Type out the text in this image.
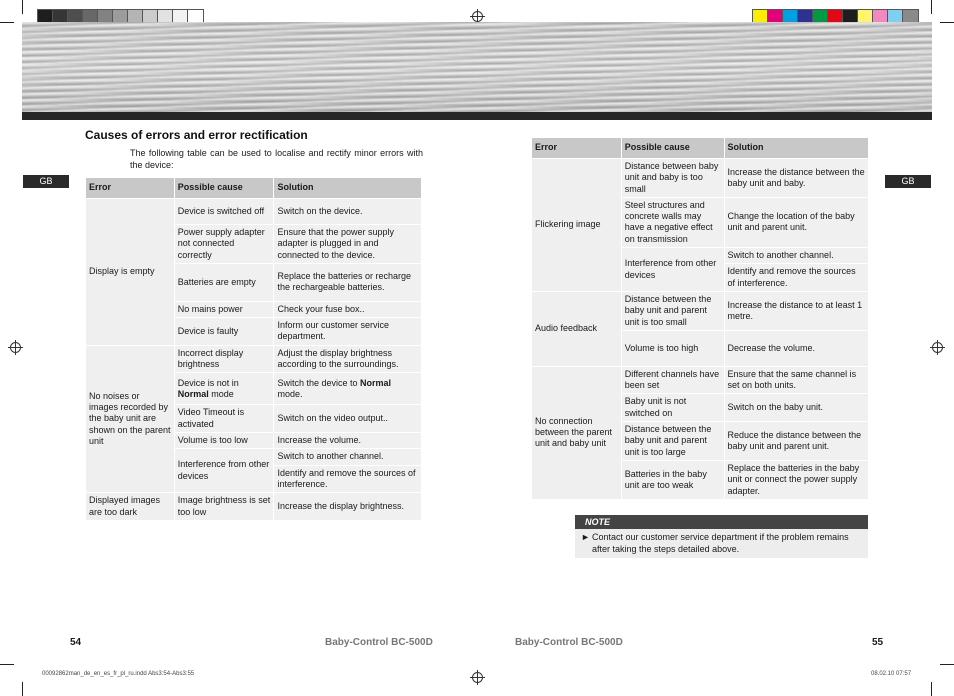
GB	GB
Causes of errors and error rectification

The following table can be used to localise and rectify minor errors with the device:

Error	Possible cause	Solution
Display is empty	Device is switched off	Switch on the device.
	Power supply adapter not connected correctly	Ensure that the power supply adapter is plugged in and connected to the device.
	Batteries are empty	Replace the batteries or recharge the rechargeable batteries.
	No mains power	Check your fuse box..
	Device is faulty	Inform our customer service department.
No noises or images recorded by the baby unit are shown on the parent unit	Incorrect display brightness	Adjust the display brightness according to the surroundings.
	Device is not in Normal mode	Switch the device to Normal mode.
	Video Timeout is activated	Switch on the video output..
	Volume is too low	Increase the volume.
	Interference from other devices	Switch to another channel.
		Identify and remove the sources of interference.
Displayed images are too dark	Image brightness is set too low	Increase the display brightness.
Error	Possible cause	Solution
Flickering image	Distance between baby unit and baby is too small	Increase the distance between the baby unit and baby.
	Steel structures and concrete walls may have a negative effect on transmission	Change the location of the baby unit and parent unit.
	Interference from other devices	Switch to another channel.
		Identify and remove the sources of interference.
Audio feedback	Distance between the baby unit and parent unit is too small	Increase the distance to at least 1 metre.
	Volume is too high	Decrease the volume.
No connection between the parent unit and baby unit	Different channels have been set	Ensure that the same channel is set on both units.
	Baby unit is not switched on	Switch on the baby unit.
	Distance between the baby unit and parent unit is too large	Reduce the distance between the baby unit and parent unit.
	Batteries in the baby unit are too weak	Replace the batteries in the baby unit or connect the power supply adapter.
NOTE
► Contact our customer service department if the problem remains after taking the steps detailed above.
54	Baby-Control BC-500D	Baby-Control BC-500D	55
00092862man_de_en_es_fr_pl_ru.indd Abs3:54-Abs3:55	08.02.10 07:57
